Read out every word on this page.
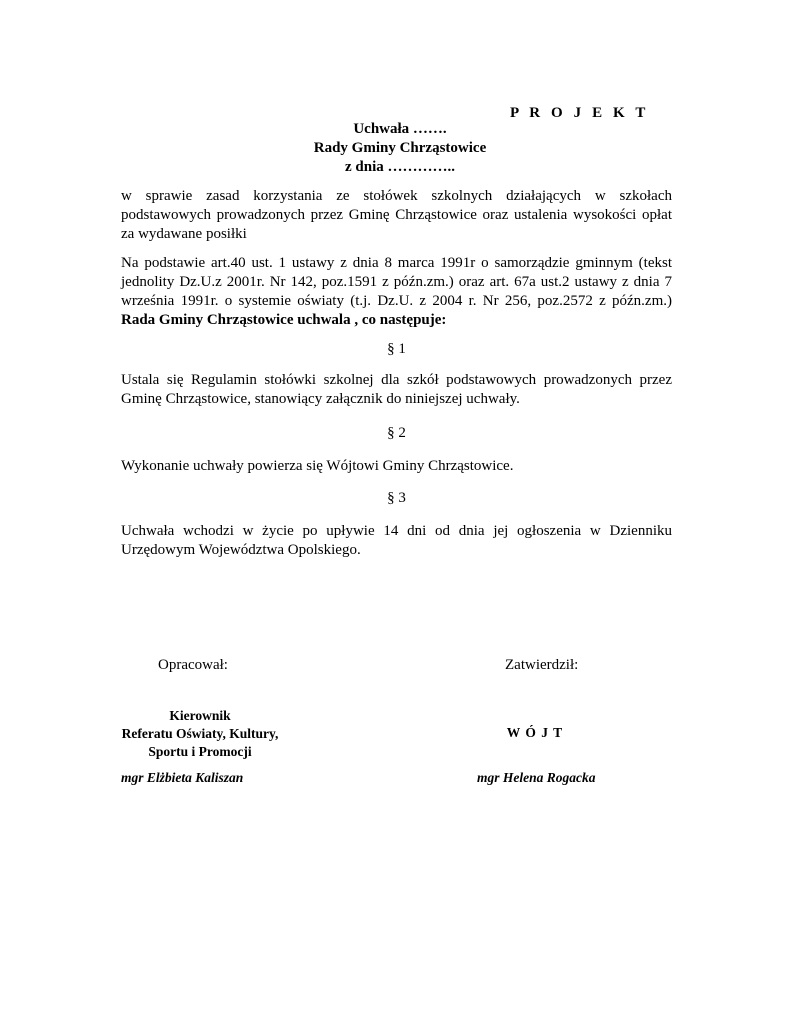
P R O J E K T
Uchwała …….
Rady Gminy Chrząstowice
z dnia …………..
w sprawie zasad korzystania ze stołówek szkolnych działających w szkołach podstawowych prowadzonych przez Gminę Chrząstowice oraz ustalenia wysokości opłat za wydawane posiłki
Na podstawie art.40 ust. 1 ustawy z dnia 8 marca 1991r o samorządzie gminnym (tekst jednolity Dz.U.z 2001r. Nr 142, poz.1591 z późn.zm.) oraz art. 67a ust.2 ustawy z dnia 7 września 1991r. o systemie oświaty (t.j. Dz.U. z 2004 r. Nr 256, poz.2572 z późn.zm.) Rada Gminy Chrząstowice uchwala , co następuje:
§ 1
Ustala się Regulamin stołówki szkolnej dla szkół podstawowych prowadzonych przez Gminę Chrząstowice, stanowiący załącznik do niniejszej uchwały.
§ 2
Wykonanie uchwały powierza się Wójtowi Gminy Chrząstowice.
§ 3
Uchwała wchodzi w życie po upływie 14 dni od dnia jej ogłoszenia w Dzienniku Urzędowym Województwa Opolskiego.
Opracował:	Zatwierdził:
Kierownik
Referatu Oświaty, Kultury,
Sportu i Promocji
W Ó J T
mgr Elżbieta Kaliszan	mgr Helena Rogacka
